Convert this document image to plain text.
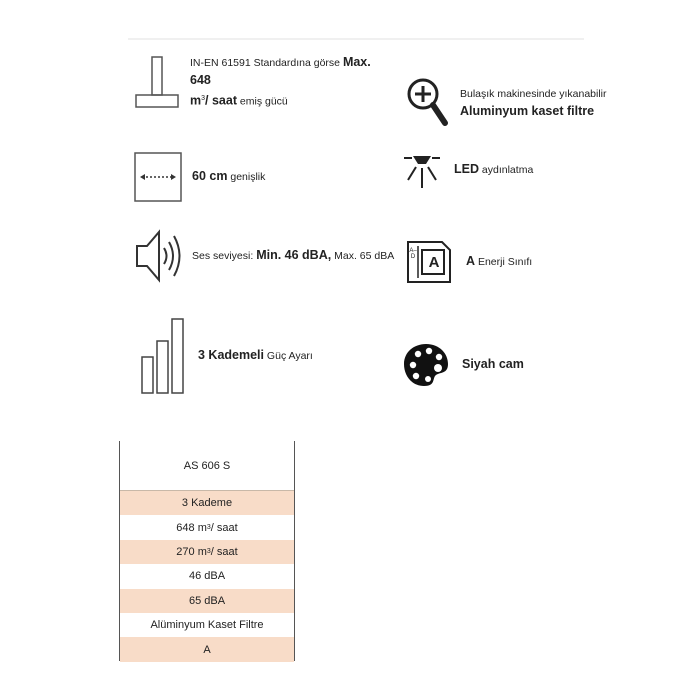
IN-EN 61591 Standardına görse Max. 648
$m^3/$ saat emiş gücü
60 cm genişlik
Ses seviyesi: Min. 46 dBA, Max. 65 dBA
3 Kademeli Güç Ayarı
Bulaşık makinesinde yıkanabilir
Aluminyum kaset filtre
LED aydınlatma
A–D A	A Enerji Sınıfı
Siyah cam
AS 606 S
3 Kademe
648 m 3 / saat
270 m 3 / saat
46 dBA
65 dBA
Alüminyum Kaset Filtre
A
